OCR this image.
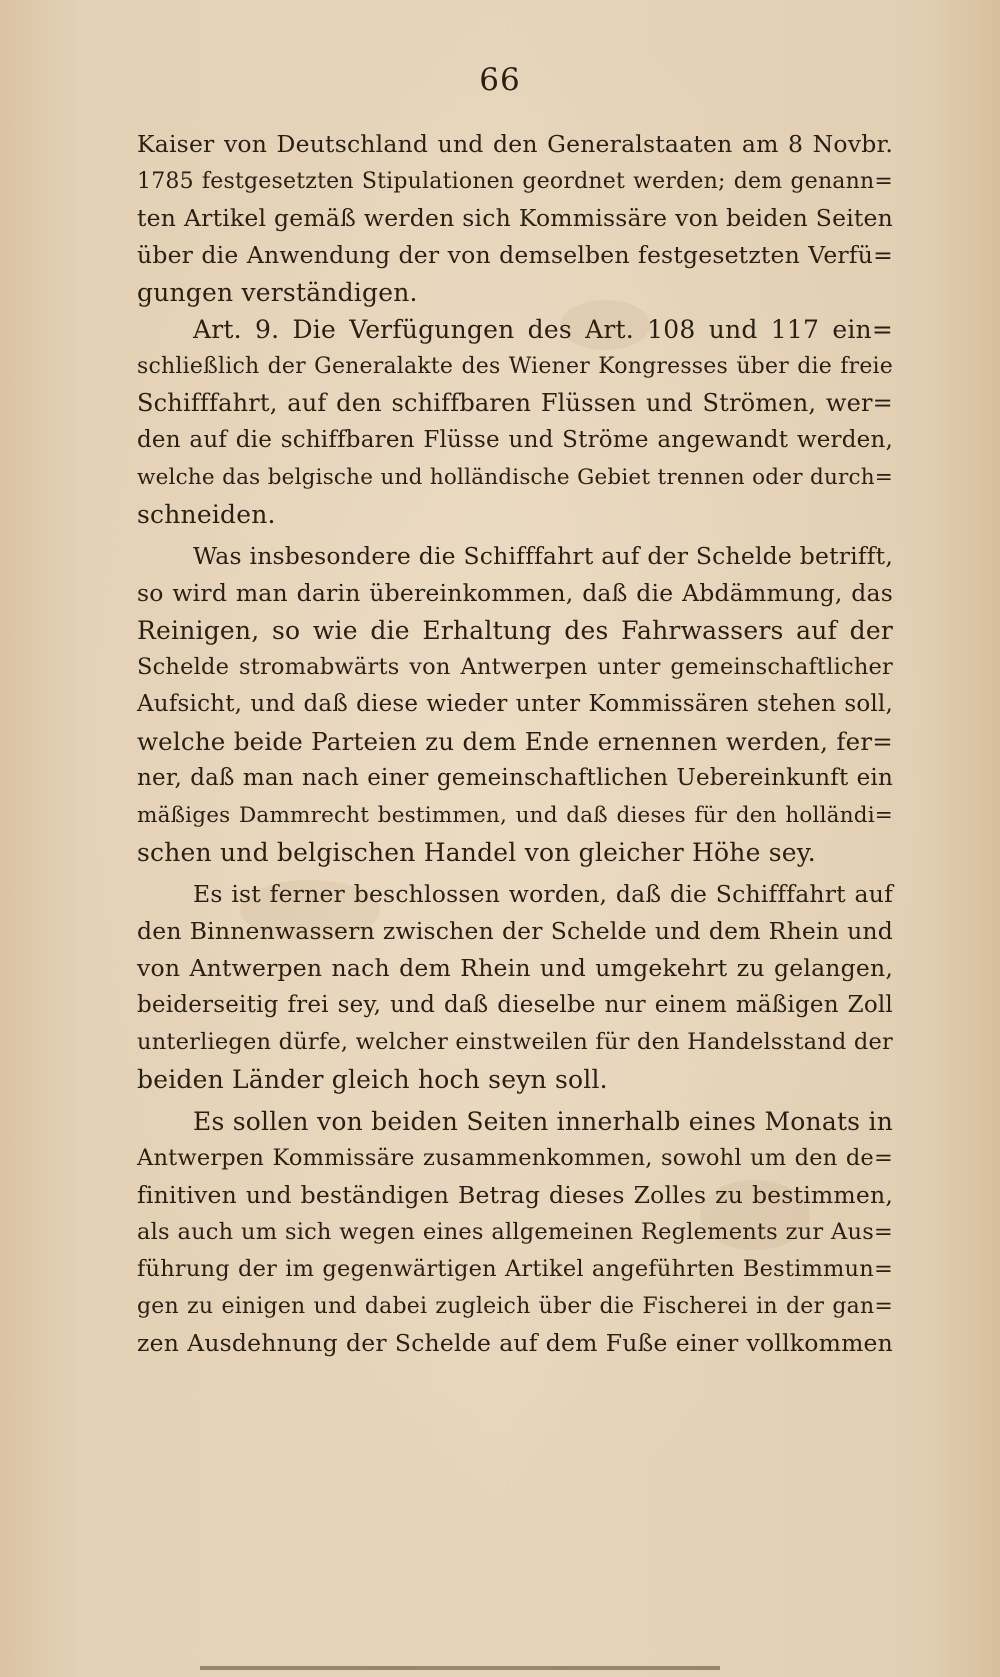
66
Kaiser von Deutschland und den Generalstaaten am 8 Novbr.
1785 festgesetzten Stipulationen geordnet werden; dem genann=
ten Artikel gemäß werden sich Kommissäre von beiden Seiten
über die Anwendung der von demselben festgesetzten Verfü=
gungen verständigen.
Art. 9. Die Verfügungen des Art. 108 und 117 ein=
schließlich der Generalakte des Wiener Kongresses über die freie
Schifffahrt, auf den schiffbaren Flüssen und Strömen, wer=
den auf die schiffbaren Flüsse und Ströme angewandt werden,
welche das belgische und holländische Gebiet trennen oder durch=
schneiden.
Was insbesondere die Schifffahrt auf der Schelde betrifft,
so wird man darin übereinkommen, daß die Abdämmung, das
Reinigen, so wie die Erhaltung des Fahrwassers auf der
Schelde stromabwärts von Antwerpen unter gemeinschaftlicher
Aufsicht, und daß diese wieder unter Kommissären stehen soll,
welche beide Parteien zu dem Ende ernennen werden, fer=
ner, daß man nach einer gemeinschaftlichen Uebereinkunft ein
mäßiges Dammrecht bestimmen, und daß dieses für den holländi=
schen und belgischen Handel von gleicher Höhe sey.
Es ist ferner beschlossen worden, daß die Schifffahrt auf
den Binnenwassern zwischen der Schelde und dem Rhein und
von Antwerpen nach dem Rhein und umgekehrt zu gelangen,
beiderseitig frei sey, und daß dieselbe nur einem mäßigen Zoll
unterliegen dürfe, welcher einstweilen für den Handelsstand der
beiden Länder gleich hoch seyn soll.
Es sollen von beiden Seiten innerhalb eines Monats in
Antwerpen Kommissäre zusammenkommen, sowohl um den de=
finitiven und beständigen Betrag dieses Zolles zu bestimmen,
als auch um sich wegen eines allgemeinen Reglements zur Aus=
führung der im gegenwärtigen Artikel angeführten Bestimmun=
gen zu einigen und dabei zugleich über die Fischerei in der gan=
zen Ausdehnung der Schelde auf dem Fuße einer vollkommen
